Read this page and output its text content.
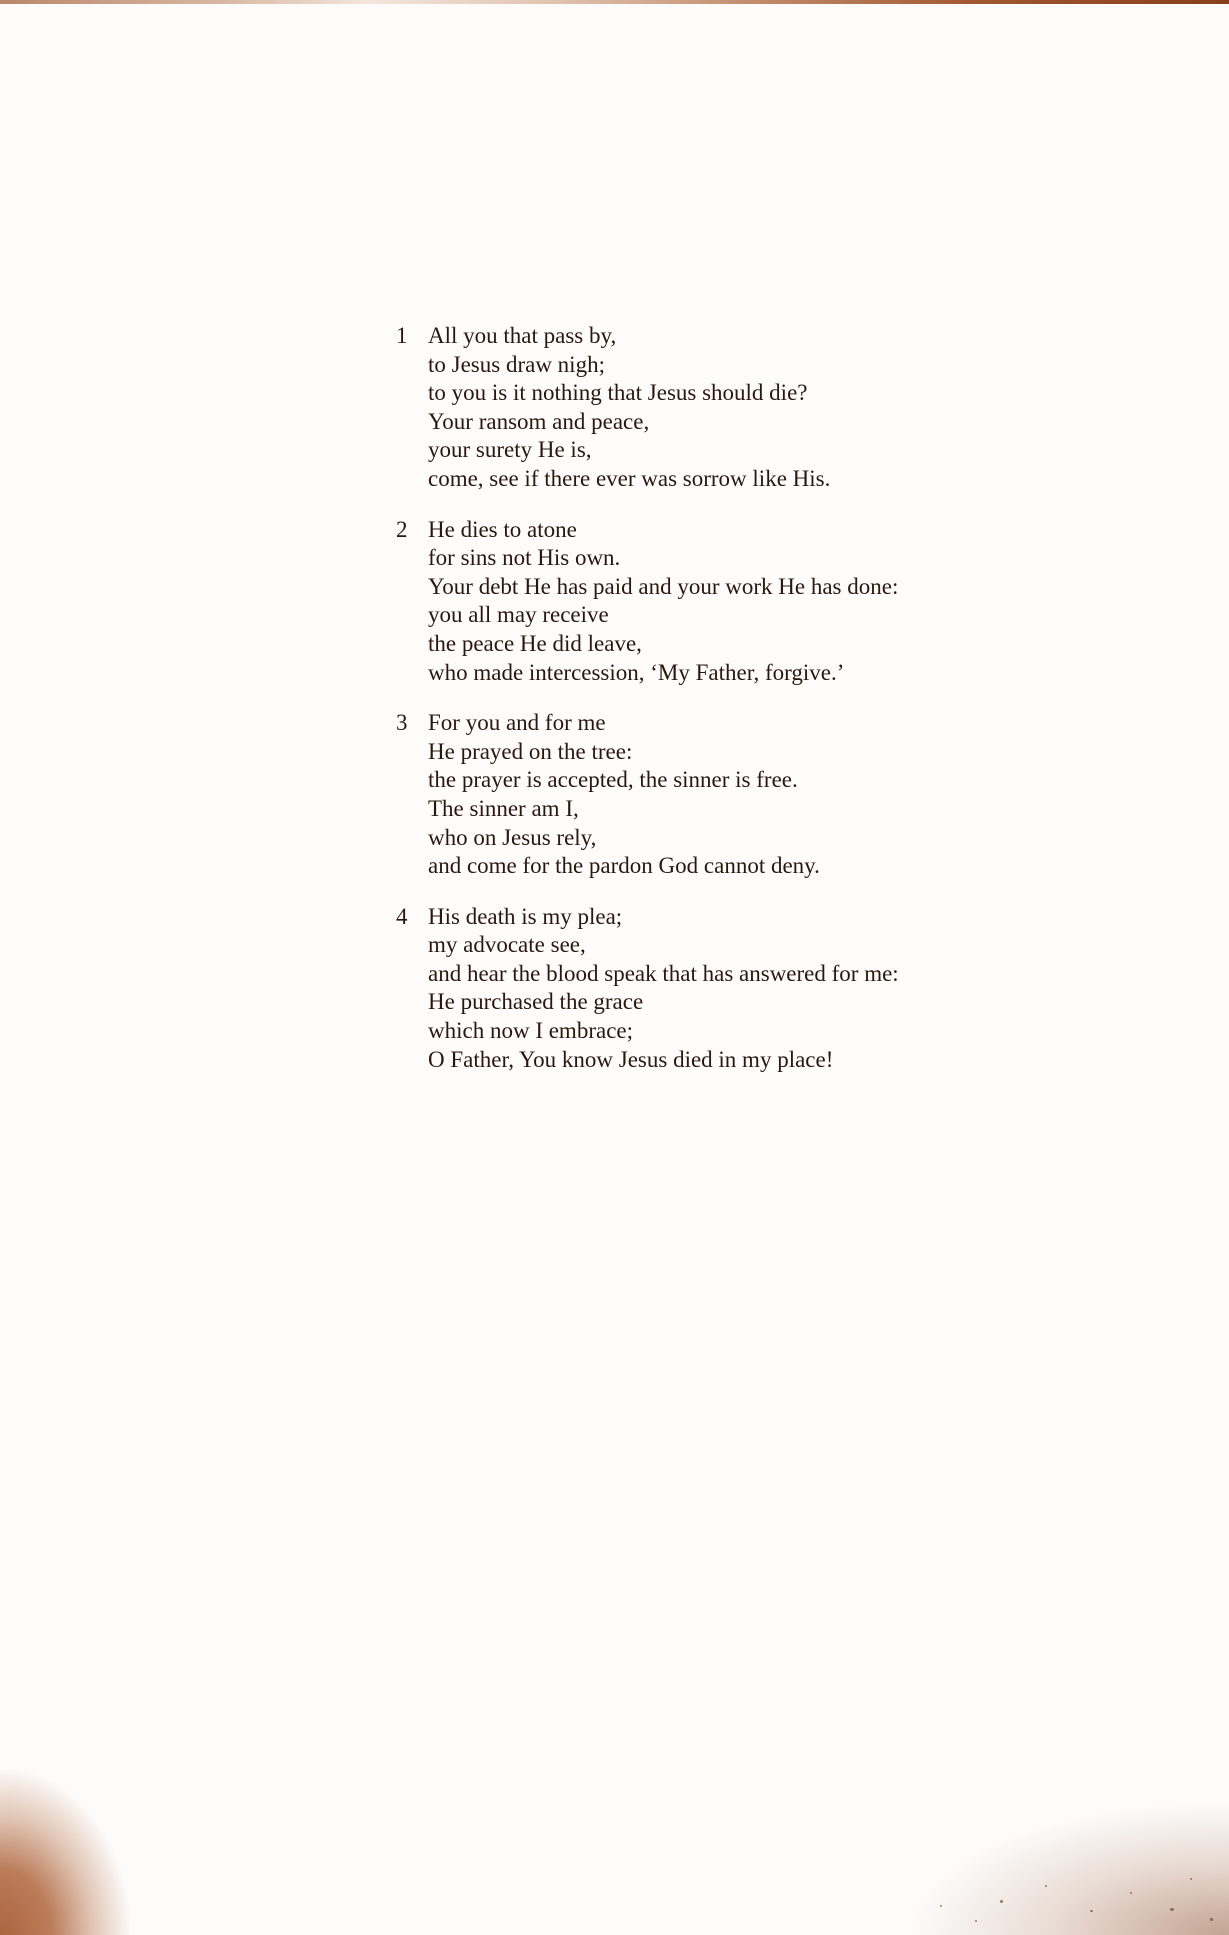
1 All you that pass by,
to Jesus draw nigh;
to you is it nothing that Jesus should die?
Your ransom and peace,
your surety He is,
come, see if there ever was sorrow like His.
2 He dies to atone
for sins not His own.
Your debt He has paid and your work He has done:
you all may receive
the peace He did leave,
who made intercession, ‘My Father, forgive.’
3 For you and for me
He prayed on the tree:
the prayer is accepted, the sinner is free.
The sinner am I,
who on Jesus rely,
and come for the pardon God cannot deny.
4 His death is my plea;
my advocate see,
and hear the blood speak that has answered for me:
He purchased the grace
which now I embrace;
O Father, You know Jesus died in my place!
